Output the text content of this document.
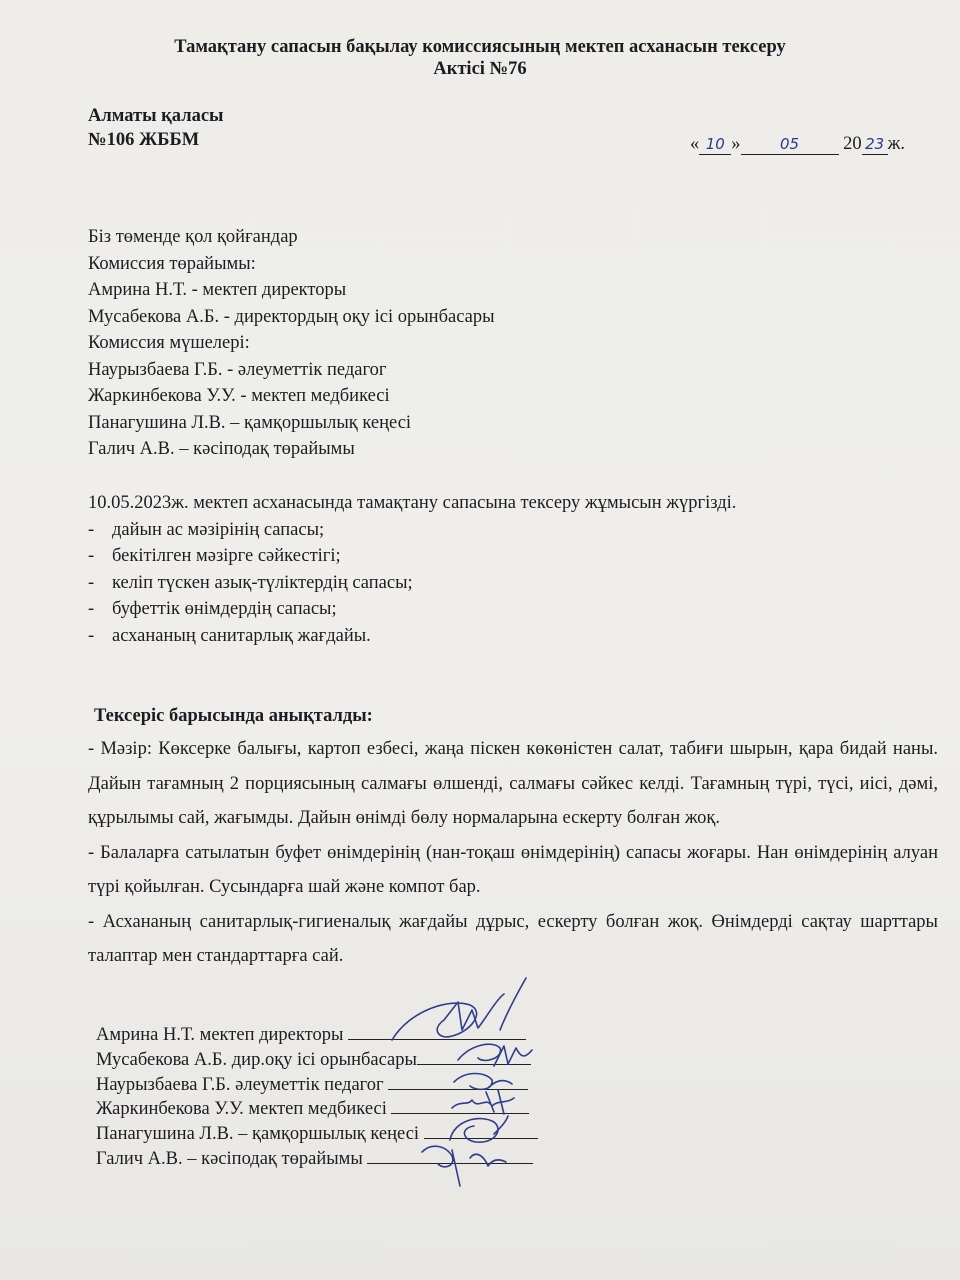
Тамақтану сапасын бақылау комиссиясының мектеп асханасын тексеру
Актісі №76
Алматы қаласы
№106 ЖББМ	« 10 »	05 20 23 ж.
Біз төменде қол қойғандар
Комиссия төрайымы:
Амрина Н.Т. - мектеп директоры
Мусабекова А.Б. - директордың оқу ісі орынбасары
Комиссия мүшелері:
Наурызбаева Г.Б. - әлеуметтік педагог
Жаркинбекова У.У. - мектеп медбикесі
Панагушина Л.В. – қамқоршылық кеңесі
Галич А.В. – кәсіподақ төрайымы
10.05.2023ж. мектеп асханасында тамақтану сапасына тексеру жұмысын жүргізді.
- дайын ас мәзірінің сапасы;
- бекітілген мәзірге сәйкестігі;
- келіп түскен азық-түліктердің сапасы;
- буфеттік өнімдердің сапасы;
- асхананың санитарлық жағдайы.
Тексеріс барысында анықталды:

- Мәзір: Көксерке балығы, картоп езбесі, жаңа піскен көкөністен салат, табиғи шырын, қара бидай наны. Дайын тағамның 2 порциясының салмағы өлшенді, салмағы сәйкес келді. Тағамның түрі, түсі, иісі, дәмі, құрылымы сай, жағымды. Дайын өнімді бөлу нормаларына ескерту болған жоқ.

- Балаларға сатылатын буфет өнімдерінің (нан-тоқаш өнімдерінің) сапасы жоғары. Нан өнімдерінің алуан түрі қойылған. Сусындарға шай және компот бар.

- Асхананың санитарлық-гигиеналық жағдайы дұрыс, ескерту болған жоқ. Өнімдерді сақтау шарттары талаптар мен стандарттарға сай.

Амрина Н.Т. мектеп директоры
Мусабекова А.Б. дир.оқу ісі орынбасары
Наурызбаева Г.Б. әлеуметтік педагог
Жаркинбекова У.У. мектеп медбикесі
Панагушина Л.В. – қамқоршылық кеңесі
Галич А.В. – кәсіподақ төрайымы
